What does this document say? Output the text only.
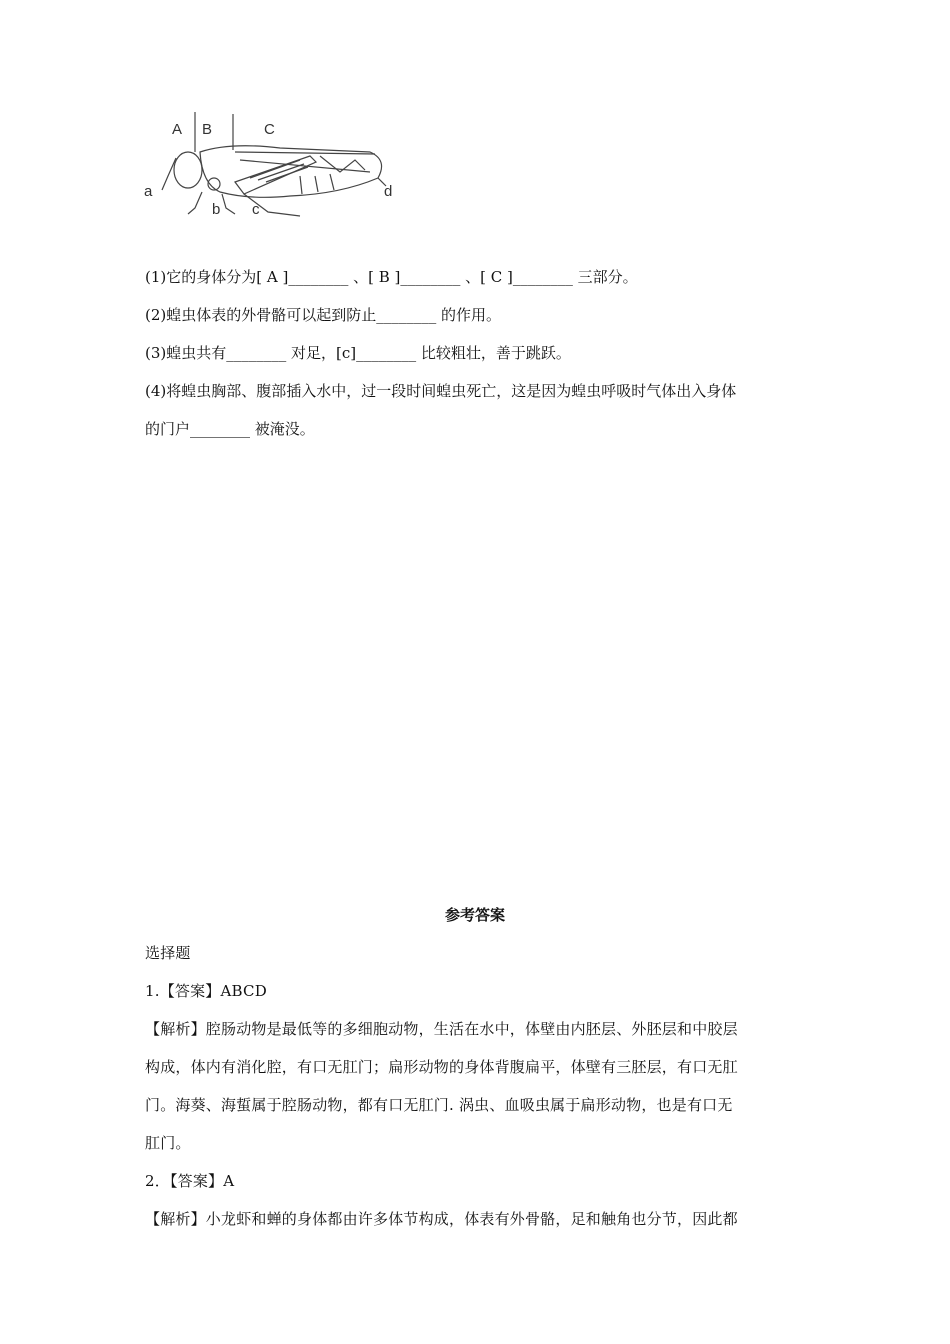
A B	C
a
b c
d
(1)它的身体分为[ A ]________ 、[ B ]________ 、[ C ]________ 三部分。
(2)蝗虫体表的外骨骼可以起到防止________ 的作用。
(3)蝗虫共有________ 对足，[c]________ 比较粗壮，善于跳跃。
(4)将蝗虫胸部、腹部插入水中，过一段时间蝗虫死亡，这是因为蝗虫呼吸时气体出入身体
的门户________ 被淹没。
参考答案
选择题
1.【答案】ABCD
【解析】腔肠动物是最低等的多细胞动物，生活在水中，体壁由内胚层、外胚层和中胶层
构成，体内有消化腔，有口无肛门；扁形动物的身体背腹扁平，体壁有三胚层，有口无肛
门。海葵、海蜇属于腔肠动物，都有口无肛门. 涡虫、血吸虫属于扁形动物，也是有口无
肛门。
2．【答案】A
【解析】小龙虾和蝉的身体都由许多体节构成，体表有外骨骼，足和触角也分节，因此都
